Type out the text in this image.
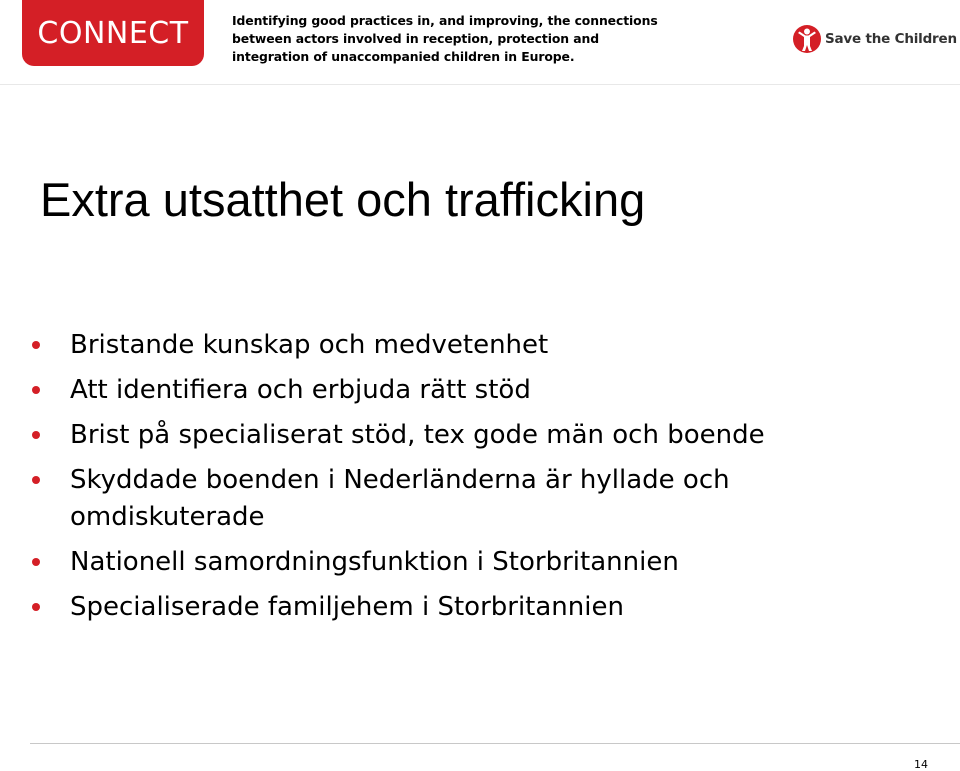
CONNECT	Identifying good practices in, and improving, the connections
between actors involved in reception, protection and
integration of unaccompanied children in Europe.
Save the Children
Extra utsatthet och trafficking
Bristande kunskap och medvetenhet
Att identifiera och erbjuda rätt stöd
Brist på specialiserat stöd, tex gode män och boende
Skyddade boenden i Nederländerna är hyllade och omdiskuterade
Nationell samordningsfunktion i Storbritannien
Specialiserade familjehem i Storbritannien
14
